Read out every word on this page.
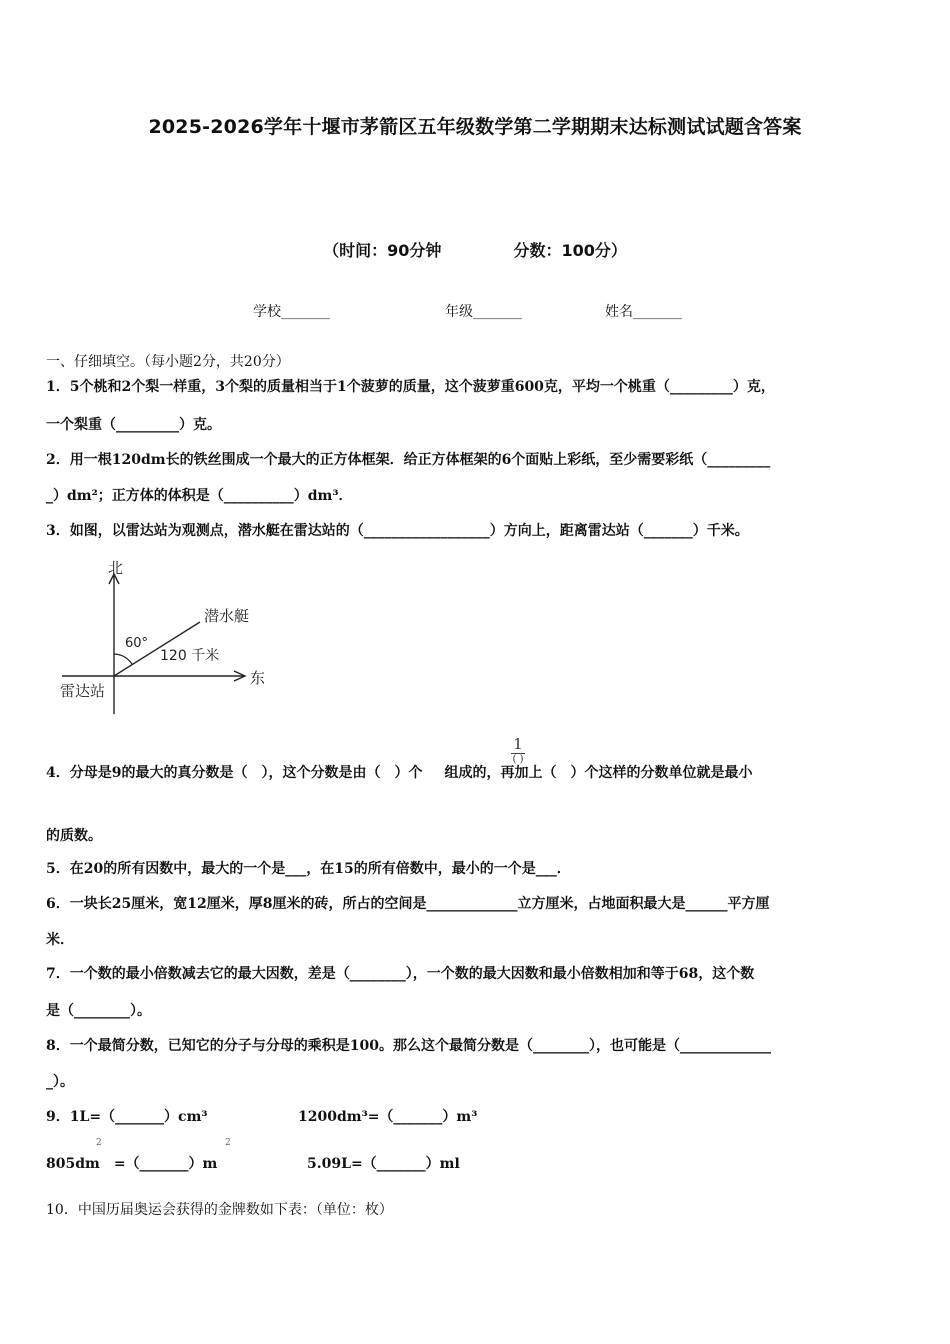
2025-2026学年十堰市茅箭区五年级数学第二学期期末达标测试试题含答案
（时间：90分钟	分数：100分）
学校_______	年级_______	姓名_______
一、仔细填空。（每小题2分，共20分）
1．5个桃和2个梨一样重，3个梨的质量相当于1个菠萝的质量，这个菠萝重600克，平均一个桃重（_________）克，
一个梨重（_________）克。
2．用一根120dm长的铁丝围成一个最大的正方体框架．给正方体框架的6个面贴上彩纸，至少需要彩纸（_________
_）dm²；正方体的体积是（__________）dm³．
3．如图，以雷达站为观测点，潜水艇在雷达站的（__________________）方向上，距离雷达站（_______）千米。
北
东
雷达站
潜水艇
60°
120 千米
4．分母是9的最大的真分数是（　），这个分数是由（　）个 组成的，再加上（　）个这样的分数单位就是最小
1
( )
的质数。
5．在20的所有因数中，最大的一个是___，在15的所有倍数中，最小的一个是___．
6．一块长25厘米，宽12厘米，厚8厘米的砖，所占的空间是_____________立方厘米，占地面积最大是______平方厘
米．
7．一个数的最小倍数减去它的最大因数，差是（________），一个数的最大因数和最小倍数相加和等于68，这个数
是（________）。
8．一个最简分数，已知它的分子与分母的乘积是100。那么这个最简分数是（________），也可能是（_____________
_）。
9．1L=（_______）cm³	1200dm³=（_______）m³
2	2
805dm　=（_______）m	5.09L=（_______）ml
10．中国历届奥运会获得的金牌数如下表：（单位：枚）
